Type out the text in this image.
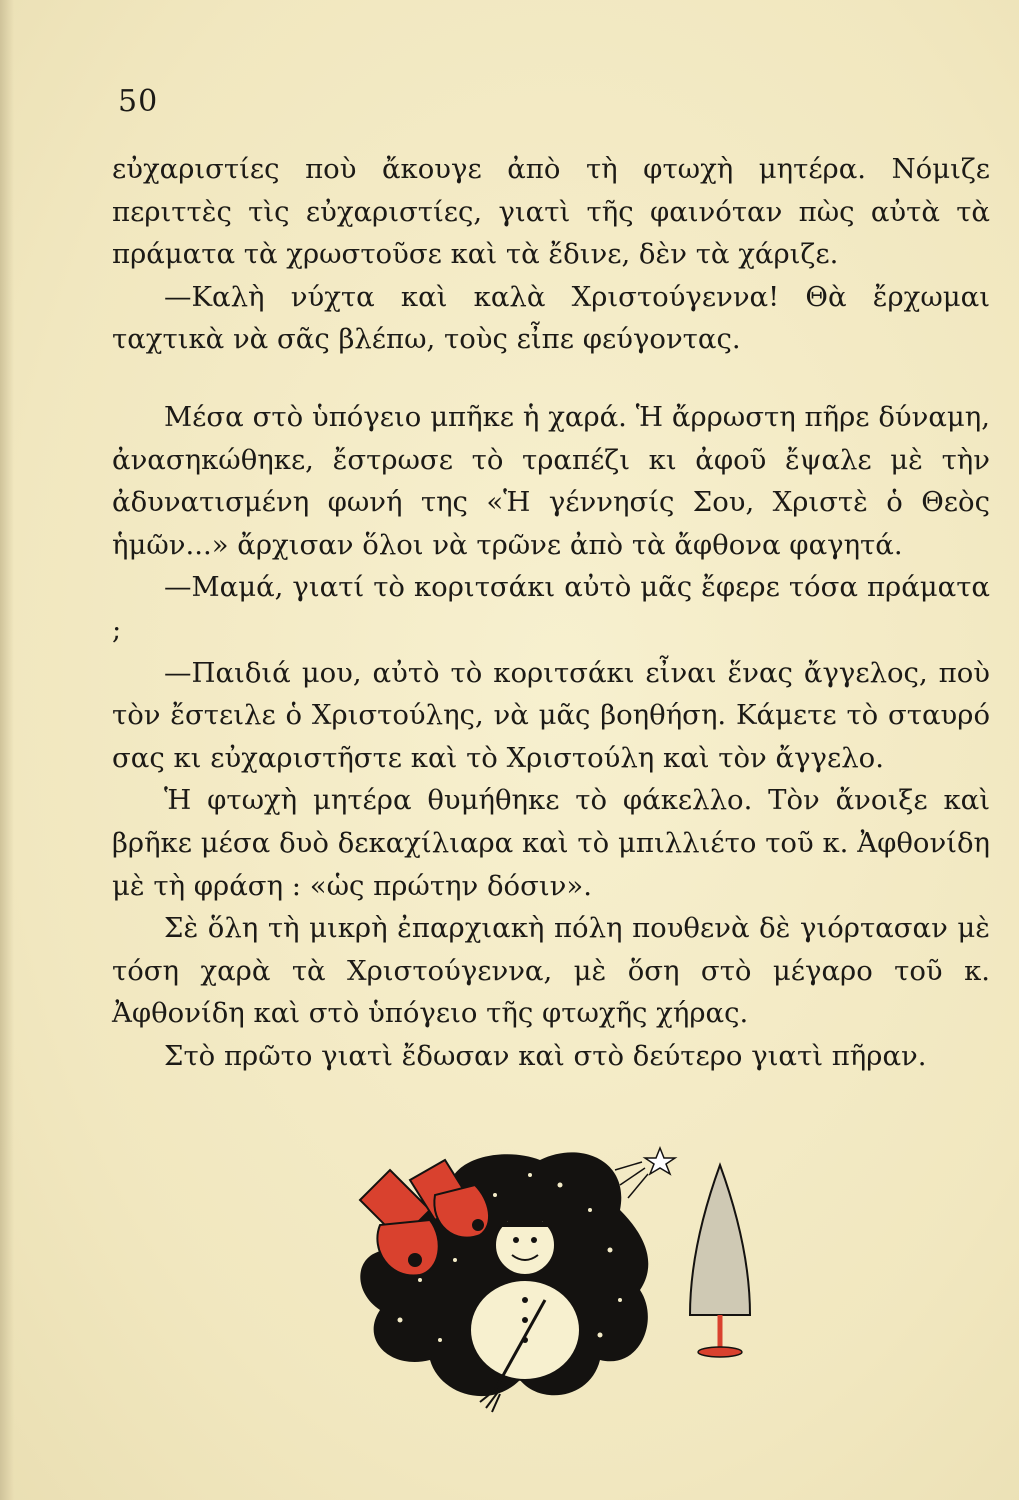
50

εὐχαριστίες ποὺ ἄκουγε ἀπὸ τὴ φτωχὴ μητέρα. Νόμιζε περιττὲς τὶς εὐχαριστίες, γιατὶ τῆς φαινόταν πὼς αὐτὰ τὰ πράματα τὰ χρωστοῦσε καὶ τὰ ἔδινε, δὲν τὰ χάριζε.

—Καλὴ νύχτα καὶ καλὰ Χριστούγεννα! Θὰ ἔρχωμαι ταχτικὰ νὰ σᾶς βλέπω, τοὺς εἶπε φεύγοντας.

Μέσα στὸ ὑπόγειο μπῆκε ἡ χαρά. Ἡ ἄρρωστη πῆρε δύναμη, ἀνασηκώθηκε, ἔστρωσε τὸ τραπέζι κι ἀφοῦ ἔψαλε μὲ τὴν ἀδυνατισμένη φωνή της «Ἡ γέννησίς Σου, Χριστὲ ὁ Θεὸς ἡμῶν...» ἄρχισαν ὅλοι νὰ τρῶνε ἀπὸ τὰ ἄφθονα φαγητά.

—Μαμά, γιατί τὸ κοριτσάκι αὐτὸ μᾶς ἔφερε τόσα πράματα ;

—Παιδιά μου, αὐτὸ τὸ κοριτσάκι εἶναι ἕνας ἄγγελος, ποὺ τὸν ἔστειλε ὁ Χριστούλης, νὰ μᾶς βοηθήση. Κάμετε τὸ σταυρό σας κι εὐχαριστῆστε καὶ τὸ Χριστούλη καὶ τὸν ἄγγελο.

Ἡ φτωχὴ μητέρα θυμήθηκε τὸ φάκελλο. Τὸν ἄνοιξε καὶ βρῆκε μέσα δυὸ δεκαχίλιαρα καὶ τὸ μπιλλιέτο τοῦ κ. Ἀφθονίδη μὲ τὴ φράση : «ὡς πρώτην δόσιν».

Σὲ ὅλη τὴ μικρὴ ἐπαρχιακὴ πόλη πουθενὰ δὲ γιόρτασαν μὲ τόση χαρὰ τὰ Χριστούγεννα, μὲ ὅση στὸ μέγαρο τοῦ κ. Ἀφθονίδη καὶ στὸ ὑπόγειο τῆς φτωχῆς χήρας.

Στὸ πρῶτο γιατὶ ἔδωσαν καὶ στὸ δεύτερο γιατὶ πῆραν.
